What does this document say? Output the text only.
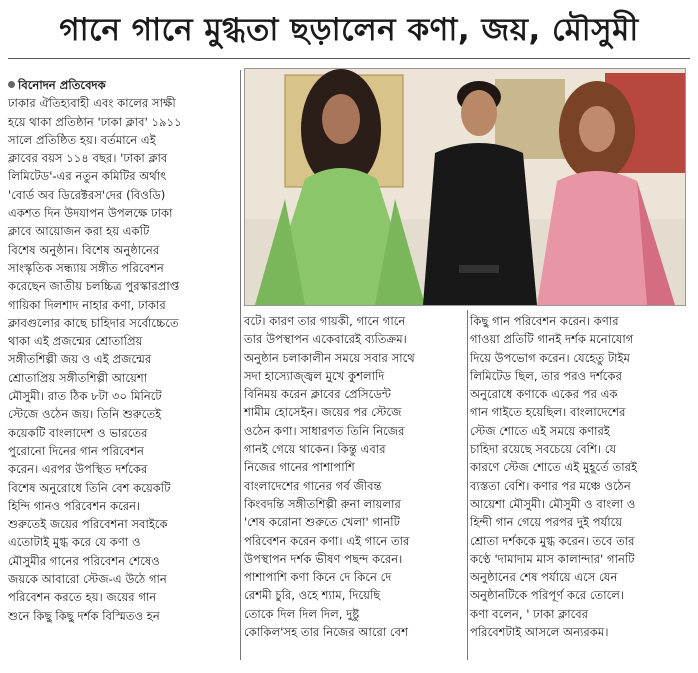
গানে গানে মুগ্ধতা ছড়ালেন কণা, জয়, মৌসুমী

বিনোদন প্রতিবেদক

ঢাকার ঐতিহ্যবাহী এবং কালের সাক্ষী

হয়ে থাকা প্রতিষ্ঠান 'ঢাকা ক্লাব' ১৯১১

সালে প্রতিষ্ঠিত হয়। বর্তমানে এই

ক্লাবের বয়স ১১৪ বছর। 'ঢাকা ক্লাব

লিমিটেড'-এর নতুন কমিটির অর্থাৎ

'বোর্ড অব ডিরেক্টরস'দের (বিওডি)

একশত দিন উদযাপন উপলক্ষে ঢাকা

ক্লাবে আয়োজন করা হয় একটি

বিশেষ অনুষ্ঠান। বিশেষ অনুষ্ঠানের

সাংস্কৃতিক সন্ধ্যায় সঙ্গীত পরিবেশন

করেছেন জাতীয় চলচ্চিত্র পুরস্কারপ্রাপ্ত

গায়িকা দিলশাদ নাহার কণা, ঢাকার

ক্লাবগুলোর কাছে চাহিদার সর্বোচ্চেতে

থাকা এই প্রজন্মের শ্রোতাপ্রিয়

সঙ্গীতশিল্পী জয় ও এই প্রজন্মের

শ্রোতাপ্রিয় সঙ্গীতশিল্পী আয়েশা

মৌসুমী। রাত ঠিক ৮টা ৩০ মিনিটে

স্টেজে ওঠেন জয়। তিনি শুরুতেই

কয়েকটি বাংলাদেশ ও ভারতের

পুরোনো দিনের গান পরিবেশন

করেন। এরপর উপস্থিত দর্শকের

বিশেষ অনুরোধে তিনি বেশ কয়েকটি

হিন্দি গানও পরিবেশন করেন।

শুরুতেই জয়ের পরিবেশনা সবাইকে

এতোটাই মুগ্ধ করে যে কণা ও

মৌসুমীর গানের পরিবেশন শেষেও

জয়কে আবারো স্টেজ-এ উঠে গান

পরিবেশন করতে হয়। জয়ের গান

শুনে কিছু কিছু দর্শক বিস্মিতও হন

বটে। কারণ তার গায়কী, গানে গানে

তার উপস্থাপন একেবারেই ব্যতিক্রম।

অনুষ্ঠান চলাকালীন সময়ে সবার সাথে

সদা হাস্যোজ্জ্বল মুখে কুশলাদি

বিনিময় করেন ক্লাবের প্রেসিডেন্ট

শামীম হোসেইন। জয়ের পর স্টেজে

ওঠেন কণা। সাধারণত তিনি নিজের

গানই গেয়ে থাকেন। কিন্তু এবার

নিজের গানের পাশাপাশি

বাংলাদেশের গানের গর্ব জীবন্ত

কিংবদন্তি সঙ্গীতশিল্পী রুনা লায়লার

'শেষ করোনা শুরুতে খেলা' গানটি

পরিবেশন করেন কণা। এই গানে তার

উপস্থাপন দর্শক ভীষণ পছন্দ করেন।

পাশাপাশি কণা কিনে দে কিনে দে

রেশমী চুরি, ওহে শ্যাম, দিয়েছি

তোকে দিল দিল দিল, দুষ্টু

কোকিল'সহ তার নিজের আরো বেশ

কিছু গান পরিবেশন করেন। কণার

গাওয়া প্রতিটি গানই দর্শক মনোযোগ

দিয়ে উপভোগ করেন। যেহেতু টাইম

লিমিটেড ছিল, তার পরও দর্শকের

অনুরোধে কণাকে একের পর এক

গান গাইতে হয়েছিল। বাংলাদেশের

স্টেজ শোতে এই সময়ে কণারই

চাহিদা রয়েছে সবচেয়ে বেশি। যে

কারণে স্টেজ শোতে এই মুহূর্তে তারই

ব্যস্ততা বেশি। কণার পর মঞ্চে ওঠেন

আয়েশা মৌসুমী। মৌসুমী ও বাংলা ও

হিন্দী গান গেয়ে পরপর দুই পর্যায়ে

শ্রোতা দর্শককে মুগ্ধ করেন। তবে তার

কণ্ঠে 'দামাদাম মাস কালান্দার' গানটি

অনুষ্ঠানের শেষ পর্যায়ে এসে যেন

অনুষ্ঠানটিকে পরিপূর্ণ করে তোলে।

কণা বলেন, ' ঢাকা ক্লাবের

পরিবেশটাই আসলে অন্যরকম।
